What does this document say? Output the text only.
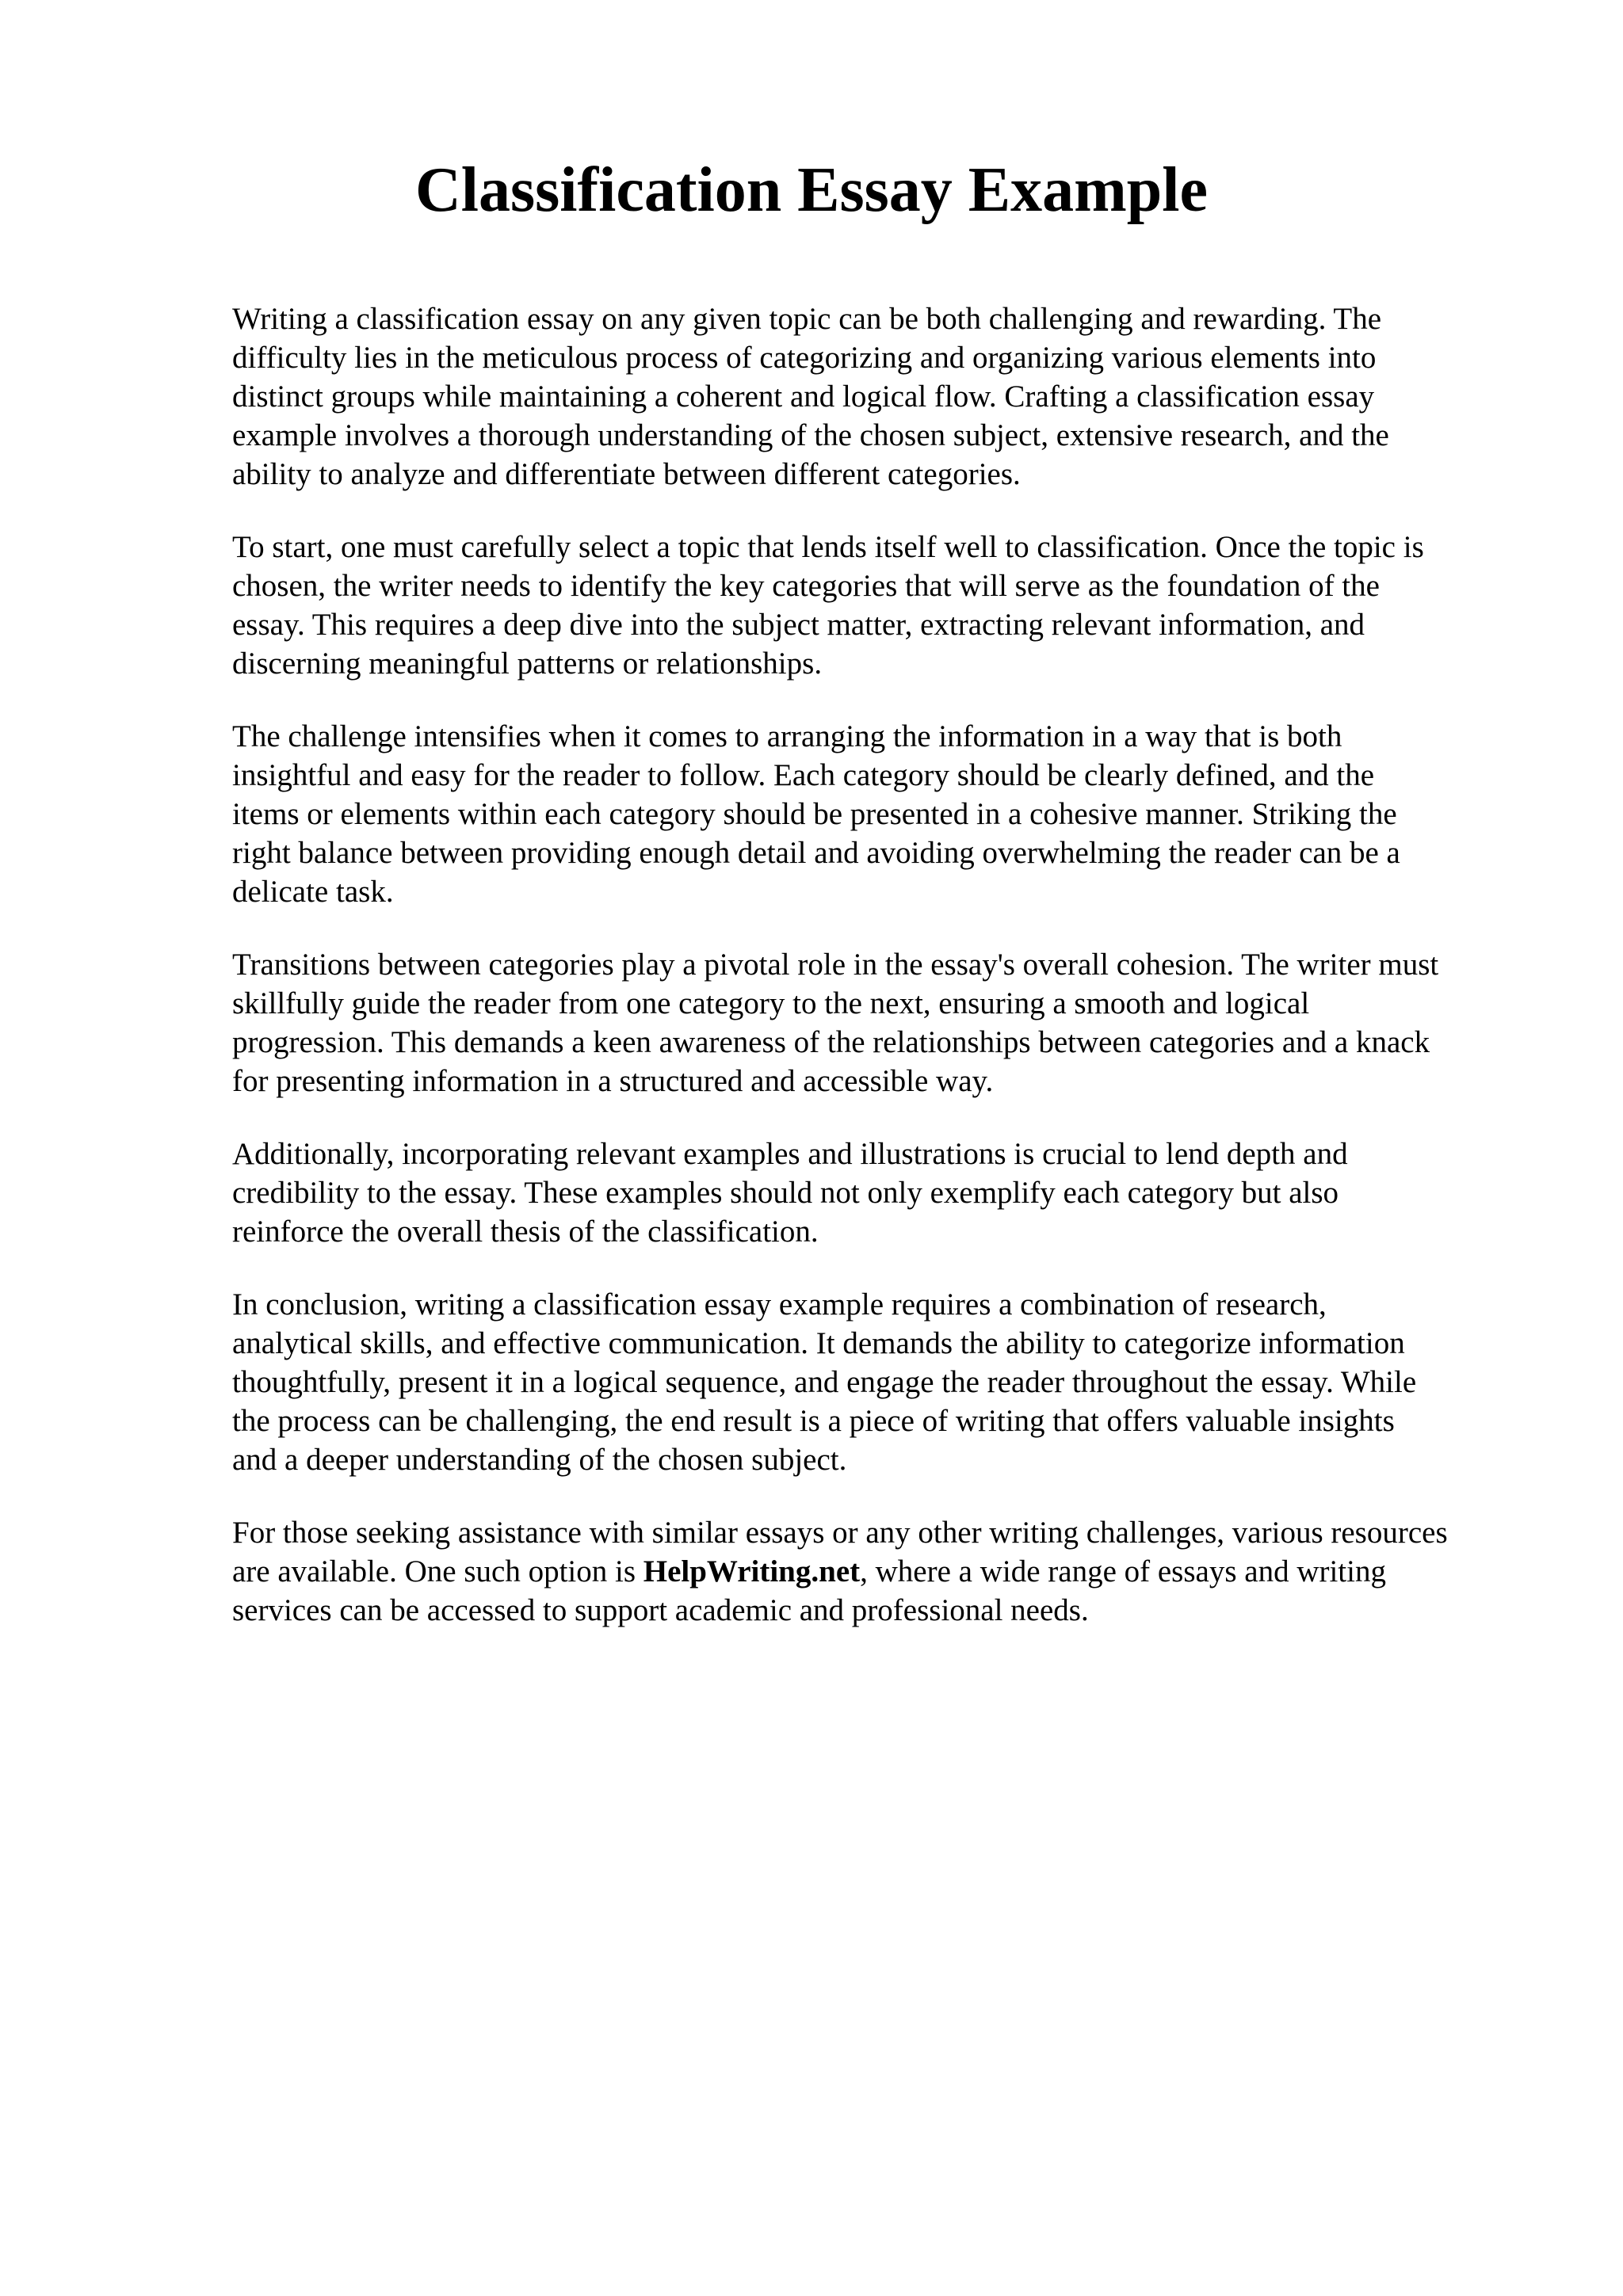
Classification Essay Example

Writing a classification essay on any given topic can be both challenging and rewarding. The
difficulty lies in the meticulous process of categorizing and organizing various elements into
distinct groups while maintaining a coherent and logical flow. Crafting a classification essay
example involves a thorough understanding of the chosen subject, extensive research, and the
ability to analyze and differentiate between different categories.

To start, one must carefully select a topic that lends itself well to classification. Once the topic is
chosen, the writer needs to identify the key categories that will serve as the foundation of the
essay. This requires a deep dive into the subject matter, extracting relevant information, and
discerning meaningful patterns or relationships.

The challenge intensifies when it comes to arranging the information in a way that is both
insightful and easy for the reader to follow. Each category should be clearly defined, and the
items or elements within each category should be presented in a cohesive manner. Striking the
right balance between providing enough detail and avoiding overwhelming the reader can be a
delicate task.

Transitions between categories play a pivotal role in the essay's overall cohesion. The writer must
skillfully guide the reader from one category to the next, ensuring a smooth and logical
progression. This demands a keen awareness of the relationships between categories and a knack
for presenting information in a structured and accessible way.

Additionally, incorporating relevant examples and illustrations is crucial to lend depth and
credibility to the essay. These examples should not only exemplify each category but also
reinforce the overall thesis of the classification.

In conclusion, writing a classification essay example requires a combination of research,
analytical skills, and effective communication. It demands the ability to categorize information
thoughtfully, present it in a logical sequence, and engage the reader throughout the essay. While
the process can be challenging, the end result is a piece of writing that offers valuable insights
and a deeper understanding of the chosen subject.

For those seeking assistance with similar essays or any other writing challenges, various resources
are available. One such option is HelpWriting.net, where a wide range of essays and writing
services can be accessed to support academic and professional needs.
